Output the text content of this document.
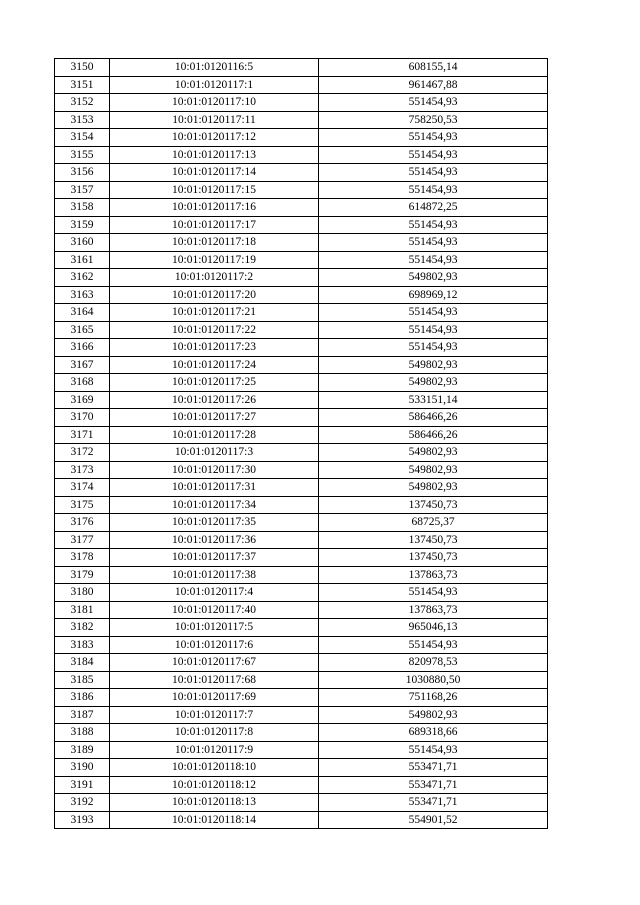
3150	10:01:0120116:5	608155,14
3151	10:01:0120117:1	961467,88
3152	10:01:0120117:10	551454,93
3153	10:01:0120117:11	758250,53
3154	10:01:0120117:12	551454,93
3155	10:01:0120117:13	551454,93
3156	10:01:0120117:14	551454,93
3157	10:01:0120117:15	551454,93
3158	10:01:0120117:16	614872,25
3159	10:01:0120117:17	551454,93
3160	10:01:0120117:18	551454,93
3161	10:01:0120117:19	551454,93
3162	10:01:0120117:2	549802,93
3163	10:01:0120117:20	698969,12
3164	10:01:0120117:21	551454,93
3165	10:01:0120117:22	551454,93
3166	10:01:0120117:23	551454,93
3167	10:01:0120117:24	549802,93
3168	10:01:0120117:25	549802,93
3169	10:01:0120117:26	533151,14
3170	10:01:0120117:27	586466,26
3171	10:01:0120117:28	586466,26
3172	10:01:0120117:3	549802,93
3173	10:01:0120117:30	549802,93
3174	10:01:0120117:31	549802,93
3175	10:01:0120117:34	137450,73
3176	10:01:0120117:35	68725,37
3177	10:01:0120117:36	137450,73
3178	10:01:0120117:37	137450,73
3179	10:01:0120117:38	137863,73
3180	10:01:0120117:4	551454,93
3181	10:01:0120117:40	137863,73
3182	10:01:0120117:5	965046,13
3183	10:01:0120117:6	551454,93
3184	10:01:0120117:67	820978,53
3185	10:01:0120117:68	1030880,50
3186	10:01:0120117:69	751168,26
3187	10:01:0120117:7	549802,93
3188	10:01:0120117:8	689318,66
3189	10:01:0120117:9	551454,93
3190	10:01:0120118:10	553471,71
3191	10:01:0120118:12	553471,71
3192	10:01:0120118:13	553471,71
3193	10:01:0120118:14	554901,52
